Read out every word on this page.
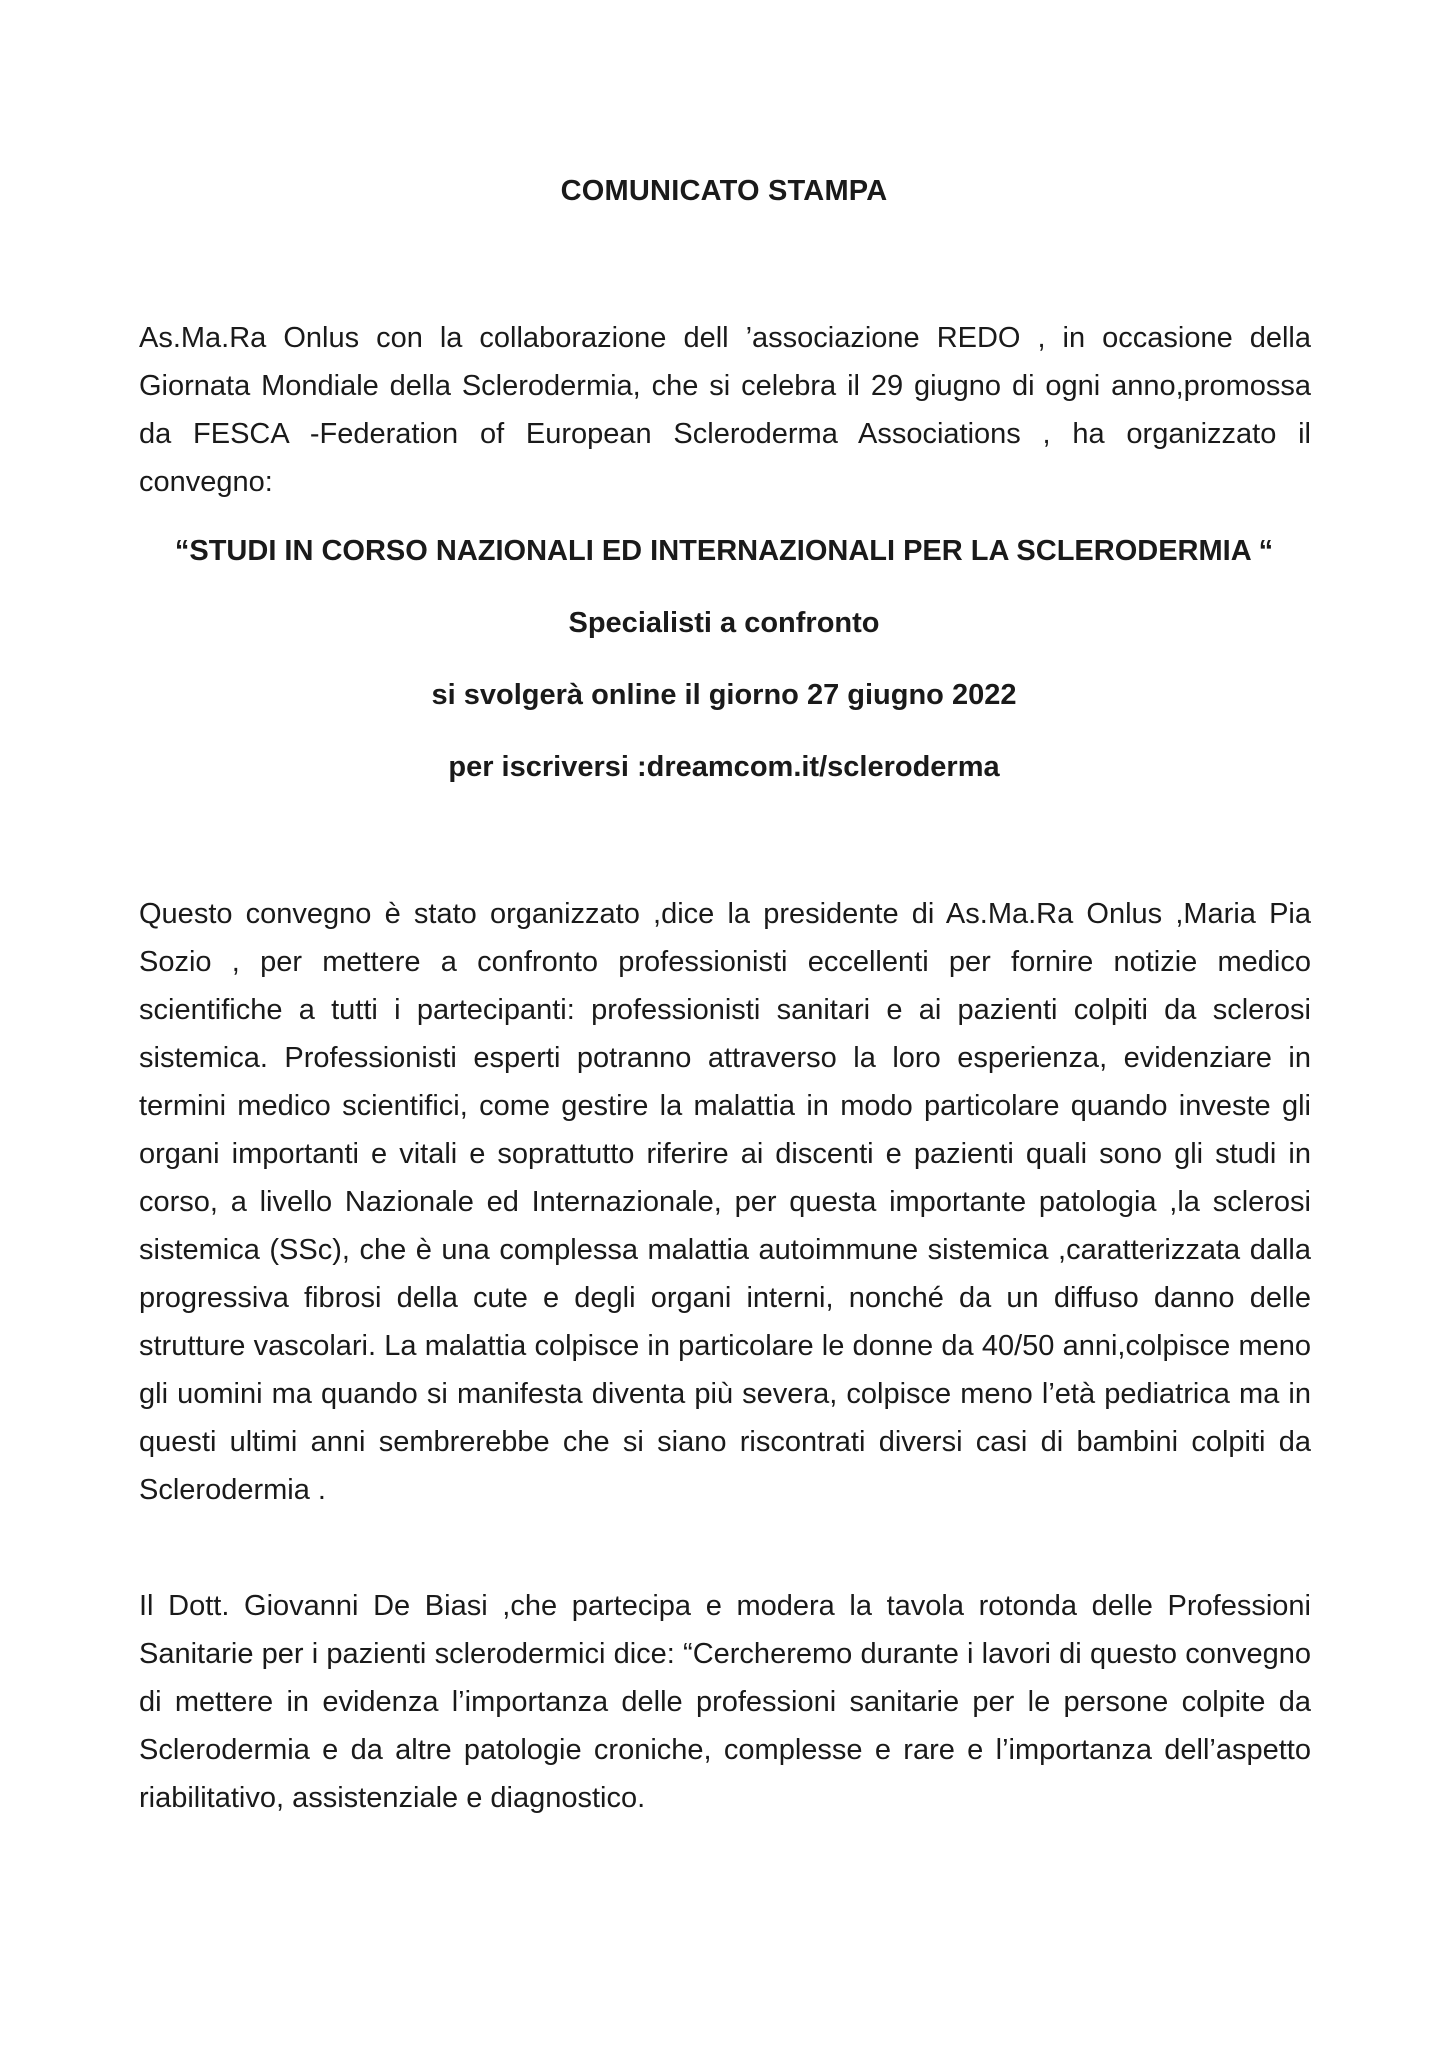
COMUNICATO STAMPA

As.Ma.Ra Onlus con la collaborazione dell ’associazione REDO , in occasione della Giornata Mondiale della Sclerodermia, che si celebra il 29 giugno di ogni anno,promossa da FESCA -Federation of European Scleroderma Associations , ha organizzato il convegno:

“STUDI IN CORSO NAZIONALI ED INTERNAZIONALI PER LA SCLERODERMIA “
Specialisti a confronto
si svolgerà online il giorno 27 giugno 2022
per iscriversi :dreamcom.it/scleroderma

Questo convegno è stato organizzato ,dice la presidente di As.Ma.Ra Onlus ,Maria Pia Sozio , per mettere a confronto professionisti eccellenti per fornire notizie medico scientifiche a tutti i partecipanti: professionisti sanitari e ai pazienti colpiti da sclerosi sistemica. Professionisti esperti potranno attraverso la loro esperienza, evidenziare in termini medico scientifici, come gestire la malattia in modo particolare quando investe gli organi importanti e vitali e soprattutto riferire ai discenti e pazienti quali sono gli studi in corso, a livello Nazionale ed Internazionale, per questa importante patologia ,la sclerosi sistemica (SSc), che è una complessa malattia autoimmune sistemica ,caratterizzata dalla progressiva fibrosi della cute e degli organi interni, nonché da un diffuso danno delle strutture vascolari. La malattia colpisce in particolare le donne da 40/50 anni,colpisce meno gli uomini ma quando si manifesta diventa più severa, colpisce meno l’età pediatrica ma in questi ultimi anni sembrerebbe che si siano riscontrati diversi casi di bambini colpiti da Sclerodermia .

Il Dott. Giovanni De Biasi ,che partecipa e modera la tavola rotonda delle Professioni Sanitarie per i pazienti sclerodermici dice: “Cercheremo durante i lavori di questo convegno di mettere in evidenza l’importanza delle professioni sanitarie per le persone colpite da Sclerodermia e da altre patologie croniche, complesse e rare e l’importanza dell’aspetto riabilitativo, assistenziale e diagnostico.
